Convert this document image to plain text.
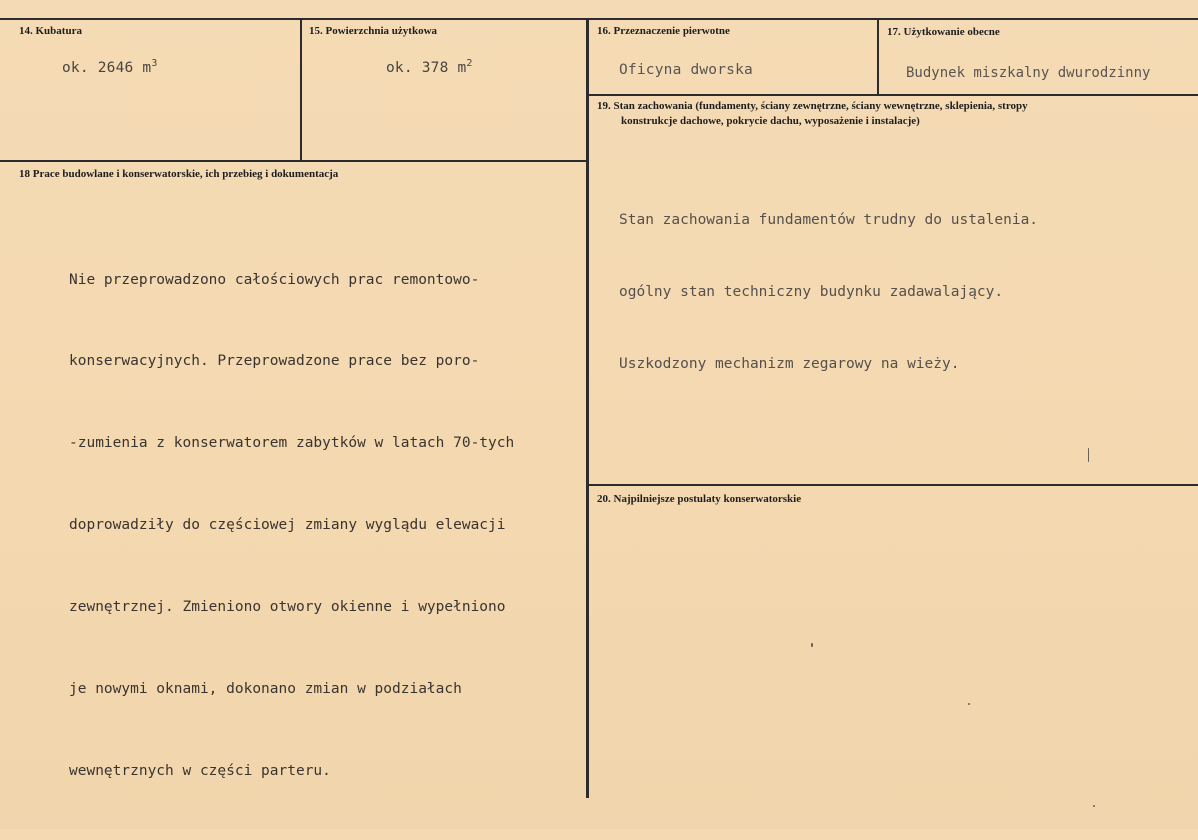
14. Kubatura
ok. 2646 $m^3$
15. Powierzchnia użytkowa
ok. 378 $m^2$
16. Przeznaczenie pierwotne
Oficyna dworska
17. Użytkowanie obecne
Budynek miszkalny dwurodzinny
18 Prace budowlane i konserwatorskie, ich przebieg i dokumentacja

Nie przeprowadzono całościowych prac remontowo-

konserwacyjnych. Przeprowadzone prace bez poro-

-zumienia z konserwatorem zabytków w latach 70-tych

doprowadziły do częściowej zmiany wyglądu elewacji

zewnętrznej. Zmieniono otwory okienne i wypełniono

je nowymi oknami, dokonano zmian w podziałach

wewnętrznych w części parteru.

19. Stan zachowania (fundamenty, ściany zewnętrzne, ściany wewnętrzne, sklepienia, stropy
konstrukcje dachowe, pokrycie dachu, wyposażenie i instalacje)

Stan zachowania fundamentów trudny do ustalenia.

ogólny stan techniczny budynku zadawalający.

Uszkodzony mechanizm zegarowy na wieży.

20. Najpilniejsze postulaty konserwatorskie
